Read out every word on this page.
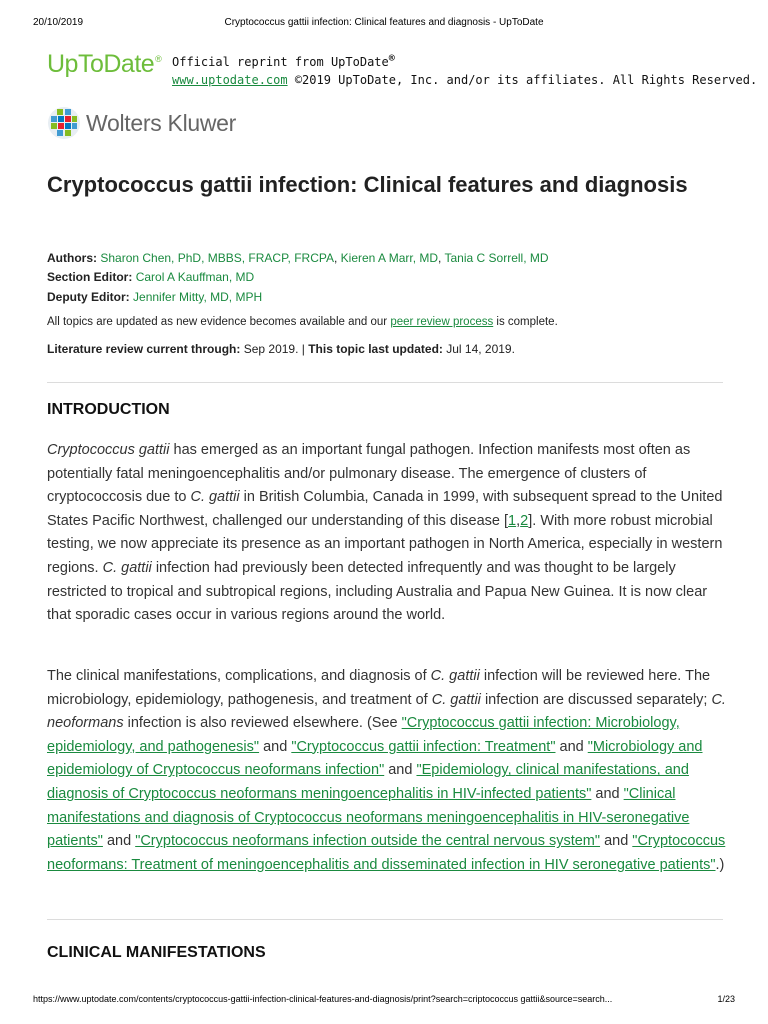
20/10/2019	Cryptococcus gattii infection: Clinical features and diagnosis - UpToDate
UpToDate® Official reprint from UpToDate®
www.uptodate.com ©2019 UpToDate, Inc. and/or its affiliates. All Rights Reserved.
Wolters Kluwer
Cryptococcus gattii infection: Clinical features and diagnosis
Authors: Sharon Chen, PhD, MBBS, FRACP, FRCPA, Kieren A Marr, MD, Tania C Sorrell, MD
Section Editor: Carol A Kauffman, MD
Deputy Editor: Jennifer Mitty, MD, MPH
All topics are updated as new evidence becomes available and our peer review process is complete.
Literature review current through: Sep 2019. | This topic last updated: Jul 14, 2019.
INTRODUCTION

Cryptococcus gattii has emerged as an important fungal pathogen. Infection manifests most often as potentially fatal meningoencephalitis and/or pulmonary disease. The emergence of clusters of cryptococcosis due to C. gattii in British Columbia, Canada in 1999, with subsequent spread to the United States Pacific Northwest, challenged our understanding of this disease [1,2]. With more robust microbial testing, we now appreciate its presence as an important pathogen in North America, especially in western regions. C. gattii infection had previously been detected infrequently and was thought to be largely restricted to tropical and subtropical regions, including Australia and Papua New Guinea. It is now clear that sporadic cases occur in various regions around the world.

The clinical manifestations, complications, and diagnosis of C. gattii infection will be reviewed here. The microbiology, epidemiology, pathogenesis, and treatment of C. gattii infection are discussed separately; C. neoformans infection is also reviewed elsewhere. (See "Cryptococcus gattii infection: Microbiology, epidemiology, and pathogenesis" and "Cryptococcus gattii infection: Treatment" and "Microbiology and epidemiology of Cryptococcus neoformans infection" and "Epidemiology, clinical manifestations, and diagnosis of Cryptococcus neoformans meningoencephalitis in HIV-infected patients" and "Clinical manifestations and diagnosis of Cryptococcus neoformans meningoencephalitis in HIV-seronegative patients" and "Cryptococcus neoformans infection outside the central nervous system" and "Cryptococcus neoformans: Treatment of meningoencephalitis and disseminated infection in HIV seronegative patients".)

CLINICAL MANIFESTATIONS
https://www.uptodate.com/contents/cryptococcus-gattii-infection-clinical-features-and-diagnosis/print?search=criptococcus gattii&source=search...	1/23
